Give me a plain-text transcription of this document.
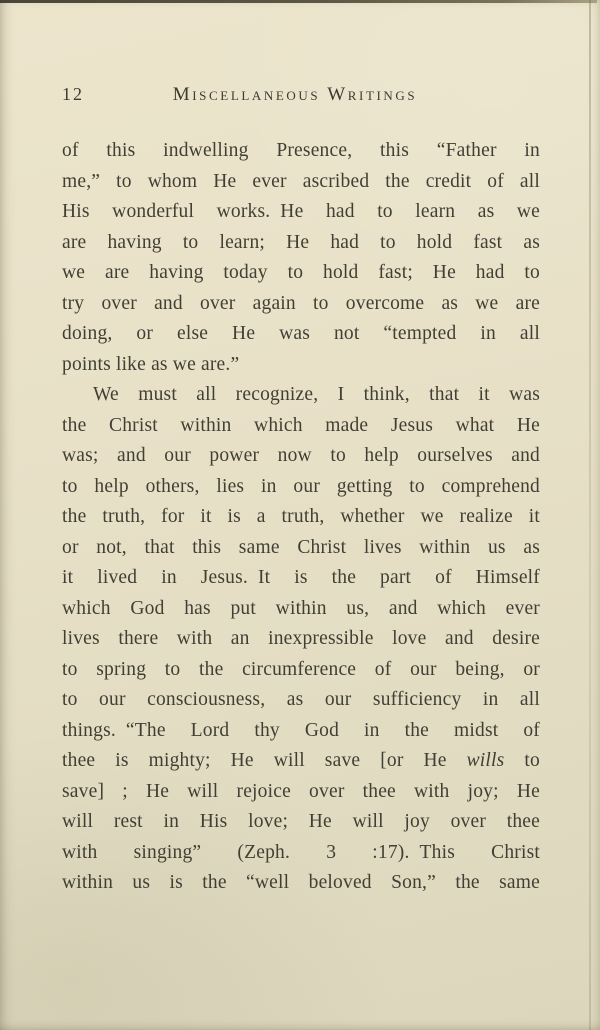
12	Miscellaneous Writings
of this indwelling Presence, this “Father in
me,” to whom He ever ascribed the credit of all
His wonderful works. He had to learn as we
are having to learn; He had to hold fast as
we are having today to hold fast; He had to
try over and over again to overcome as we are
doing, or else He was not “tempted in all
points like as we are.”
We must all recognize, I think, that it was
the Christ within which made Jesus what He
was; and our power now to help ourselves and
to help others, lies in our getting to comprehend
the truth, for it is a truth, whether we realize it
or not, that this same Christ lives within us as
it lived in Jesus. It is the part of Himself
which God has put within us, and which ever
lives there with an inexpressible love and desire
to spring to the circumference of our being, or
to our consciousness, as our sufficiency in all
things. “The Lord thy God in the midst of
thee is mighty; He will save [or He wills to
save] ; He will rejoice over thee with joy; He
will rest in His love; He will joy over thee
with singing” (Zeph. 3 :17). This Christ
within us is the “well beloved Son,” the same
